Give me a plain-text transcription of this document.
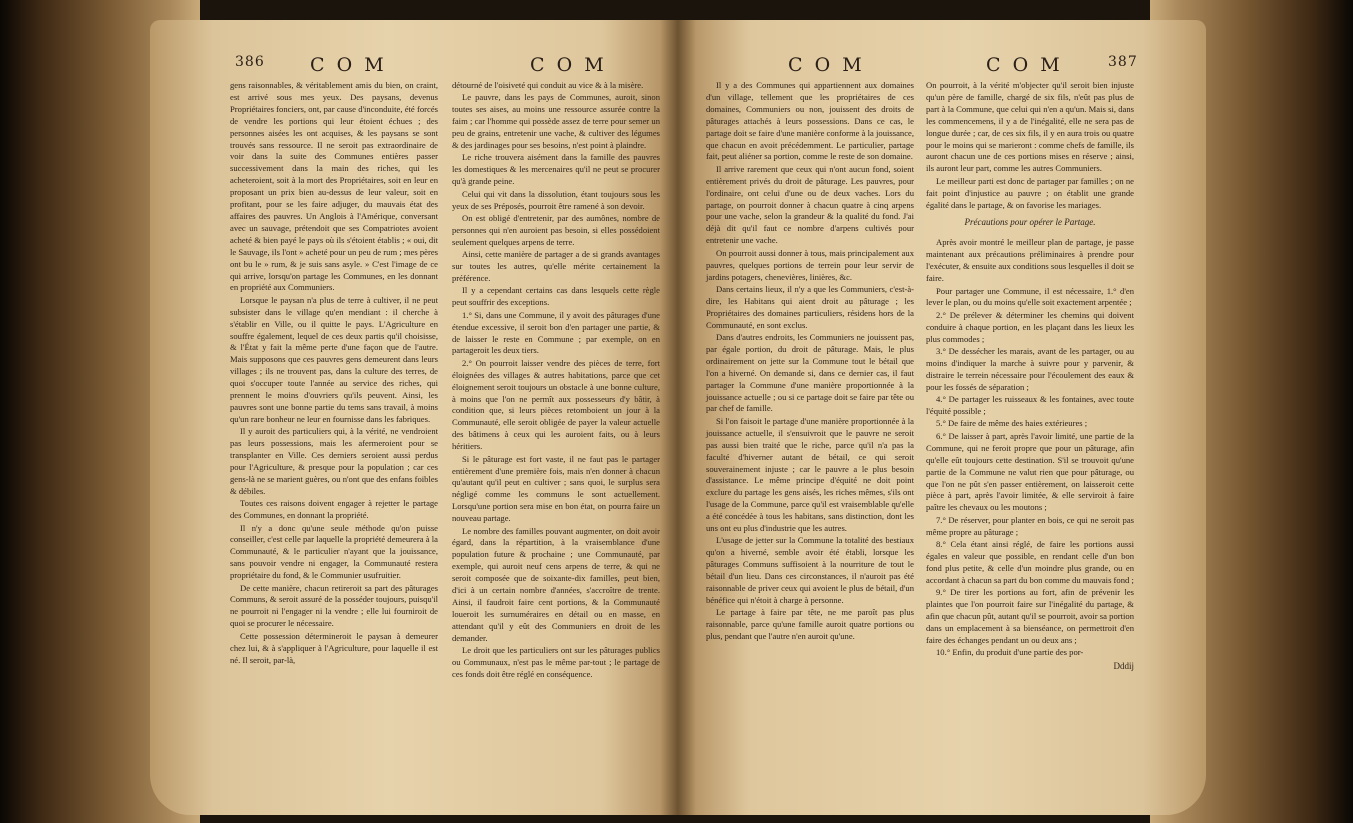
386 C O M	C O M

gens raisonnables, & véritablement amis du bien, on craint, est arrivé sous mes yeux. Des paysans, devenus Propriétaires fonciers, ont, par cause d'inconduite, été forcés de vendre les portions qui leur étoient échues ; des personnes aisées les ont acquises, & les paysans se sont trouvés sans ressource. Il ne seroit pas extraordinaire de voir dans la suite des Communes entières passer successivement dans la main des riches, qui les acheteroient, soit à la mort des Propriétaires, soit en leur en proposant un prix bien au-dessus de leur valeur, soit en profitant, pour se les faire adjuger, du mauvais état des affaires des pauvres. Un Anglois à l'Amérique, conversant avec un sauvage, prétendoit que ses Compatriotes avoient acheté & bien payé le pays où ils s'étoient établis ; « oui, dit le Sauvage, ils l'ont » acheté pour un peu de rum ; mes pères ont bu le » rum, & je suis sans asyle. » C'est l'image de ce qui arrive, lorsqu'on partage les Communes, en les donnant en propriété aux Communiers.

Lorsque le paysan n'a plus de terre à cultiver, il ne peut subsister dans le village qu'en mendiant : il cherche à s'établir en Ville, ou il quitte le pays. L'Agriculture en souffre également, lequel de ces deux partis qu'il choisisse, & l'État y fait la même perte d'une façon que de l'autre. Mais supposons que ces pauvres gens demeurent dans leurs villages ; ils ne trouvent pas, dans la culture des terres, de quoi s'occuper toute l'année au service des riches, qui prennent le moins d'ouvriers qu'ils peuvent. Ainsi, les pauvres sont une bonne partie du tems sans travail, à moins qu'un rare bonheur ne leur en fournisse dans les fabriques.

Il y auroit des particuliers qui, à la vérité, ne vendroient pas leurs possessions, mais les afermeroient pour se transplanter en Ville. Ces derniers seroient aussi perdus pour l'Agriculture, & presque pour la population ; car ces gens-là ne se marient guères, ou n'ont que des enfans foibles & débiles.

Toutes ces raisons doivent engager à rejetter le partage des Communes, en donnant la propriété.

Il n'y a donc qu'une seule méthode qu'on puisse conseiller, c'est celle par laquelle la propriété demeurera à la Communauté, & le particulier n'ayant que la jouissance, sans pouvoir vendre ni engager, la Communauté restera propriétaire du fond, & le Communier usufruitier.

De cette manière, chacun retireroit sa part des pâturages Communs, & seroit assuré de la posséder toujours, puisqu'il ne pourroit ni l'engager ni la vendre ; elle lui fourniroit de quoi se procurer le nécessaire.

Cette possession détermineroit le paysan à demeurer chez lui, & à s'appliquer à l'Agriculture, pour laquelle il est né. Il seroit, par-là,

détourné de l'oisiveté qui conduit au vice & à la misère.

Le pauvre, dans les pays de Communes, auroit, sinon toutes ses aises, au moins une ressource assurée contre la faim ; car l'homme qui possède assez de terre pour semer un peu de grains, entretenir une vache, & cultiver des légumes & des jardinages pour ses besoins, n'est point à plaindre.

Le riche trouvera aisément dans la famille des pauvres les domestiques & les mercenaires qu'il ne peut se procurer qu'à grande peine.

Celui qui vit dans la dissolution, étant toujours sous les yeux de ses Préposés, pourroit être ramené à son devoir.

On est obligé d'entretenir, par des aumônes, nombre de personnes qui n'en auroient pas besoin, si elles possédoient seulement quelques arpens de terre.

Ainsi, cette manière de partager a de si grands avantages sur toutes les autres, qu'elle mérite certainement la préférence.

Il y a cependant certains cas dans lesquels cette règle peut souffrir des exceptions.

1.° Si, dans une Commune, il y avoit des pâturages d'une étendue excessive, il seroit bon d'en partager une partie, & de laisser le reste en Commune ; par exemple, on en partageroit les deux tiers.

2.° On pourroit laisser vendre des pièces de terre, fort éloignées des villages & autres habitations, parce que cet éloignement seroit toujours un obstacle à une bonne culture, à moins que l'on ne permît aux possesseurs d'y bâtir, à condition que, si leurs pièces retomboient un jour à la Communauté, elle seroit obligée de payer la valeur actuelle des bâtimens à ceux qui les auroient faits, ou à leurs héritiers.

Si le pâturage est fort vaste, il ne faut pas le partager entièrement d'une première fois, mais n'en donner à chacun qu'autant qu'il peut en cultiver ; sans quoi, le surplus sera négligé comme les communs le sont actuellement. Lorsqu'une portion sera mise en bon état, on pourra faire un nouveau partage.

Le nombre des familles pouvant augmenter, on doit avoir égard, dans la répartition, à la vraisemblance d'une population future & prochaine ; une Communauté, par exemple, qui auroit neuf cens arpens de terre, & qui ne seroit composée que de soixante-dix familles, peut bien, d'ici à un certain nombre d'années, s'accroître de trente. Ainsi, il faudroit faire cent portions, & la Communauté loueroit les surnuméraires en détail ou en masse, en attendant qu'il y eût des Communiers en droit de les demander.

Le droit que les particuliers ont sur les pâturages publics ou Communaux, n'est pas le même par-tout ; le partage de ces fonds doit être réglé en conséquence.

C O M	C O M	387

Il y a des Communes qui appartiennent aux domaines d'un village, tellement que les propriétaires de ces domaines, Communiers ou non, jouissent des droits de pâturages attachés à leurs possessions. Dans ce cas, le partage doit se faire d'une manière conforme à la jouissance, que chacun en avoit précédemment. Le particulier, partage fait, peut aliéner sa portion, comme le reste de son domaine.

Il arrive rarement que ceux qui n'ont aucun fond, soient entièrement privés du droit de pâturage. Les pauvres, pour l'ordinaire, ont celui d'une ou de deux vaches. Lors du partage, on pourroit donner à chacun quatre à cinq arpens pour une vache, selon la grandeur & la qualité du fond. J'ai déjà dit qu'il faut ce nombre d'arpens cultivés pour entretenir une vache.

On pourroit aussi donner à tous, mais principalement aux pauvres, quelques portions de terrein pour leur servir de jardins potagers, chenevières, linières, &c.

Dans certains lieux, il n'y a que les Communiers, c'est-à-dire, les Habitans qui aient droit au pâturage ; les Propriétaires des domaines particuliers, résidens hors de la Communauté, en sont exclus.

Dans d'autres endroits, les Communiers ne jouissent pas, par égale portion, du droit de pâturage. Mais, le plus ordinairement on jette sur la Commune tout le bétail que l'on a hiverné. On demande si, dans ce dernier cas, il faut partager la Commune d'une manière proportionnée à la jouissance actuelle ; ou si ce partage doit se faire par tête ou par chef de famille.

Si l'on faisoit le partage d'une manière proportionnée à la jouissance actuelle, il s'ensuivroit que le pauvre ne seroit pas aussi bien traité que le riche, parce qu'il n'a pas la faculté d'hiverner autant de bétail, ce qui seroit souverainement injuste ; car le pauvre a le plus besoin d'assistance. Le même principe d'équité ne doit point exclure du partage les gens aisés, les riches mêmes, s'ils ont l'usage de la Commune, parce qu'il est vraisemblable qu'elle a été concédée à tous les habitans, sans distinction, dont les uns ont eu plus d'industrie que les autres.

L'usage de jetter sur la Commune la totalité des bestiaux qu'on a hiverné, semble avoir été établi, lorsque les pâturages Communs suffisoient à la nourriture de tout le bétail d'un lieu. Dans ces circonstances, il n'auroit pas été raisonnable de priver ceux qui avoient le plus de bétail, d'un bénéfice qui n'étoit à charge à personne.

Le partage à faire par tête, ne me paroît pas plus raisonnable, parce qu'une famille auroit quatre portions ou plus, pendant que l'autre n'en auroit qu'une.

On pourroit, à la vérité m'objecter qu'il seroit bien injuste qu'un père de famille, chargé de six fils, n'eût pas plus de part à la Commune, que celui qui n'en a qu'un. Mais si, dans les commencemens, il y a de l'inégalité, elle ne sera pas de longue durée ; car, de ces six fils, il y en aura trois ou quatre pour le moins qui se marieront : comme chefs de famille, ils auront chacun une de ces portions mises en réserve ; ainsi, ils auront leur part, comme les autres Communiers.

Le meilleur parti est donc de partager par familles ; on ne fait point d'injustice au pauvre ; on établit une grande égalité dans le partage, & on favorise les mariages.

Précautions pour opérer le Partage.

Après avoir montré le meilleur plan de partage, je passe maintenant aux précautions préliminaires à prendre pour l'exécuter, & ensuite aux conditions sous lesquelles il doit se faire.

Pour partager une Commune, il est nécessaire, 1.° d'en lever le plan, ou du moins qu'elle soit exactement arpentée ;

2.° De prélever & déterminer les chemins qui doivent conduire à chaque portion, en les plaçant dans les lieux les plus commodes ;

3.° De dessécher les marais, avant de les partager, ou au moins d'indiquer la marche à suivre pour y parvenir, & distraire le terrein nécessaire pour l'écoulement des eaux & pour les fossés de séparation ;

4.° De partager les ruisseaux & les fontaines, avec toute l'équité possible ;

5.° De faire de même des haies extérieures ;

6.° De laisser à part, après l'avoir limité, une partie de la Commune, qui ne feroit propre que pour un pâturage, afin qu'elle eût toujours cette destination. S'il se trouvoit qu'une partie de la Commune ne valut rien que pour pâturage, ou que l'on ne pût s'en passer entièrement, on laisseroit cette pièce à part, après l'avoir limitée, & elle serviroit à faire paître les chevaux ou les moutons ;

7.° De réserver, pour planter en bois, ce qui ne seroit pas même propre au pâturage ;

8.° Cela étant ainsi réglé, de faire les portions aussi égales en valeur que possible, en rendant celle d'un bon fond plus petite, & celle d'un moindre plus grande, ou en accordant à chacun sa part du bon comme du mauvais fond ;

9.° De tirer les portions au fort, afin de prévenir les plaintes que l'on pourroit faire sur l'inégalité du partage, & afin que chacun pût, autant qu'il se pourroit, avoir sa portion dans un emplacement à sa bienséance, on permettroit d'en faire des échanges pendant un ou deux ans ;

10.° Enfin, du produit d'une partie des por-

Dddij
